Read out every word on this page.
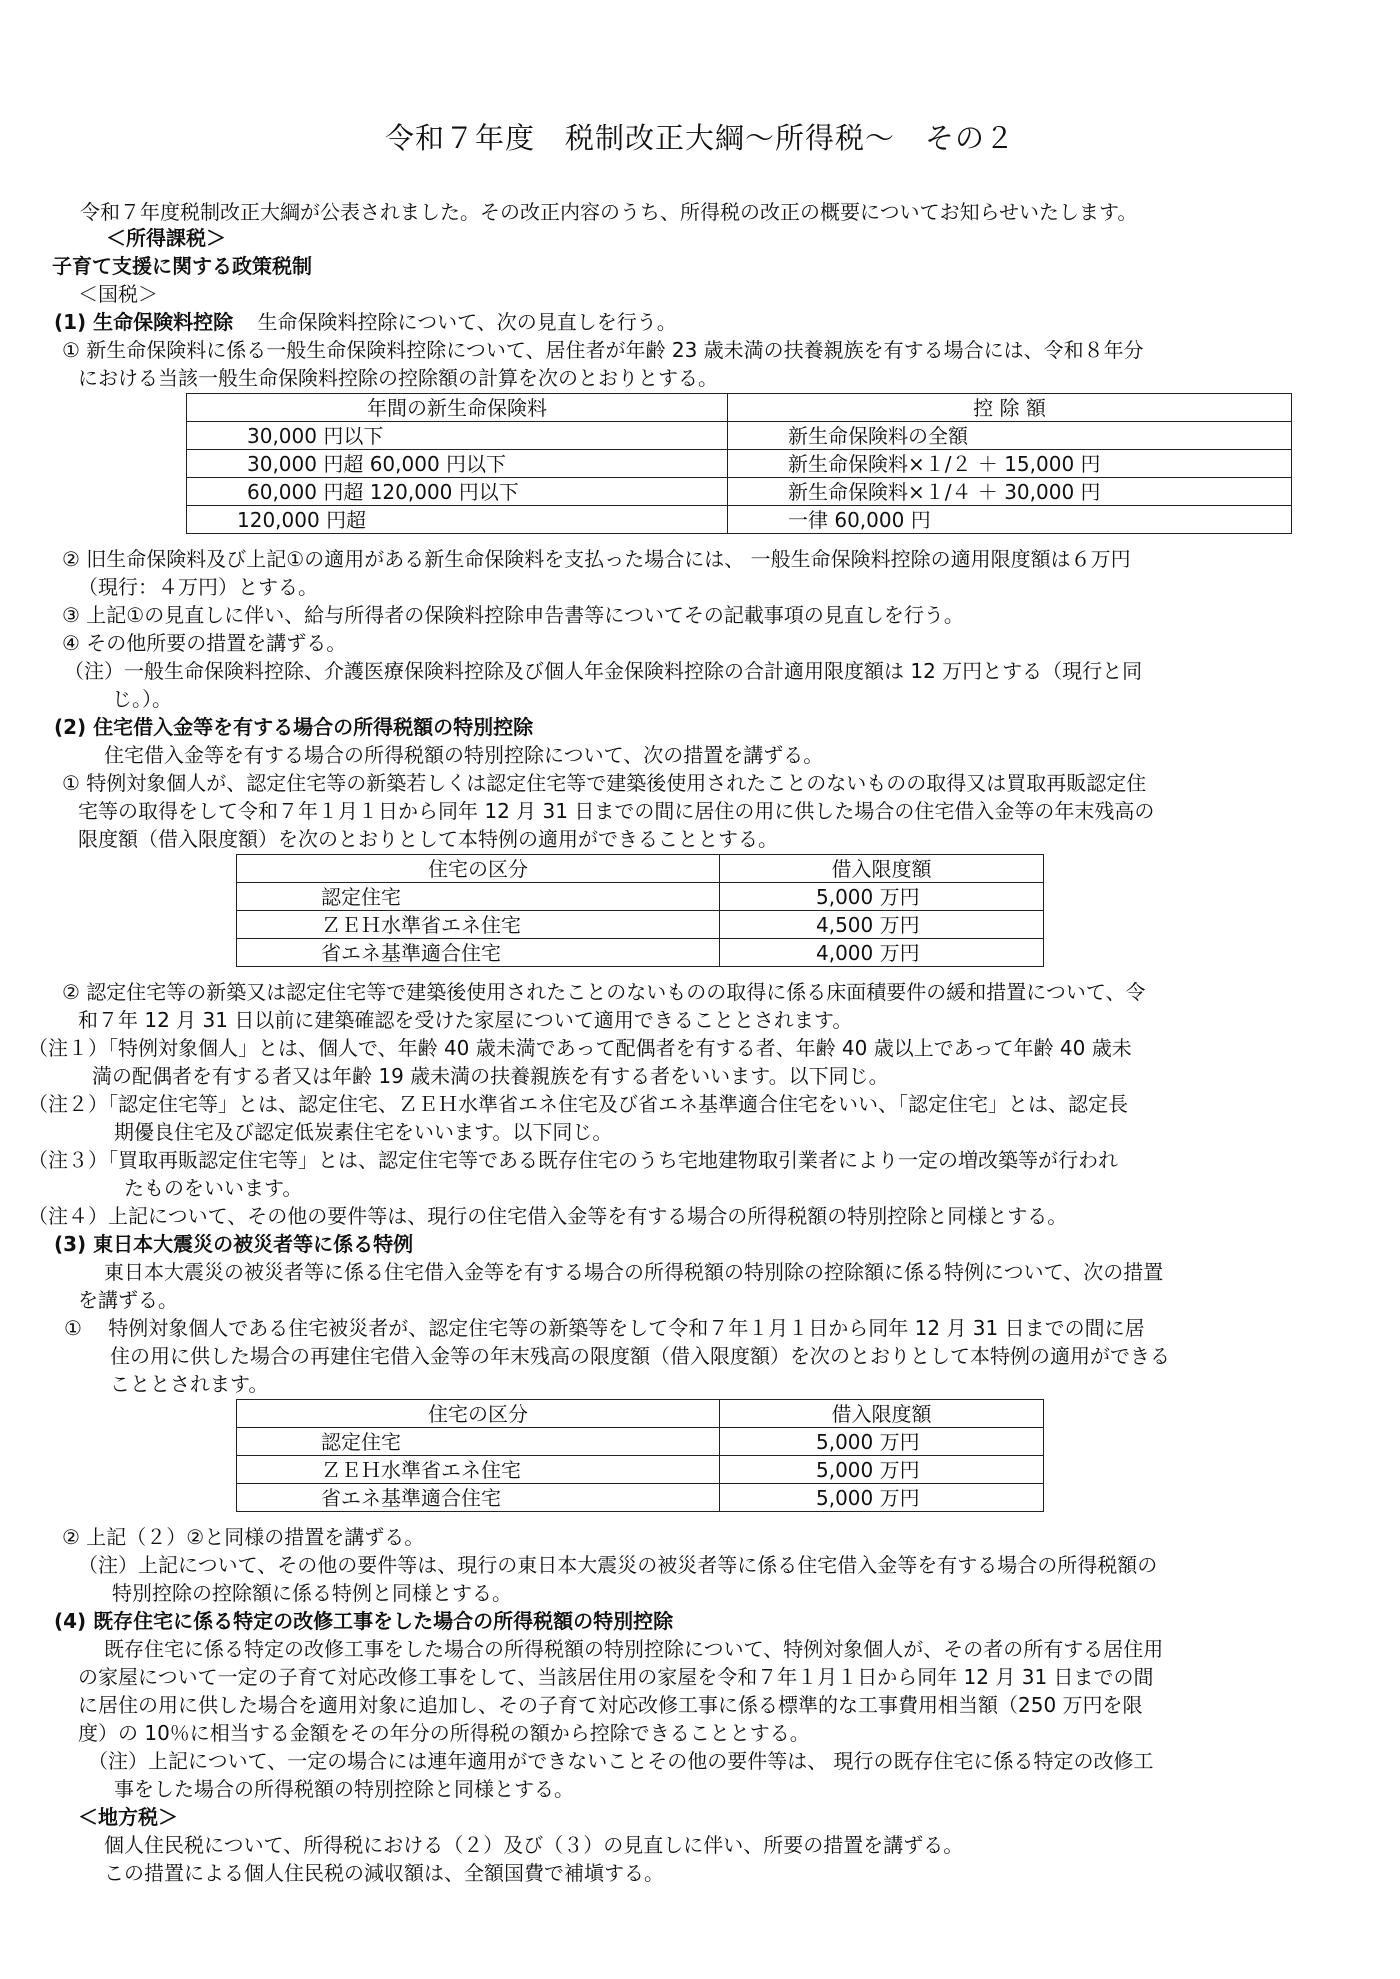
令和７年度　税制改正大綱～所得税～　その２
令和７年度税制改正大綱が公表されました。その改正内容のうち、所得税の改正の概要についてお知らせいたします。
＜所得課税＞
子育て支援に関する政策税制
＜国税＞
(1) 生命保険料控除 生命保険料控除について、次の見直しを行う。
① 新生命保険料に係る一般生命保険料控除について、居住者が年齢 23 歳未満の扶養親族を有する場合には、令和８年分
における当該一般生命保険料控除の控除額の計算を次のとおりとする。
年間の新生命保険料	控 除 額
30,000 円以下	新生命保険料の全額
30,000 円超 60,000 円以下	新生命保険料×１/２ ＋ 15,000 円
60,000 円超 120,000 円以下	新生命保険料×１/４ ＋ 30,000 円
120,000 円超	一律 60,000 円
② 旧生命保険料及び上記①の適用がある新生命保険料を支払った場合には、 一般生命保険料控除の適用限度額は６万円
（現行：４万円）とする。
③ 上記①の見直しに伴い、給与所得者の保険料控除申告書等についてその記載事項の見直しを行う。
④ その他所要の措置を講ずる。
（注）一般生命保険料控除、介護医療保険料控除及び個人年金保険料控除の合計適用限度額は 12 万円とする（現行と同
じ。）。
(2) 住宅借入金等を有する場合の所得税額の特別控除
住宅借入金等を有する場合の所得税額の特別控除について、次の措置を講ずる。
① 特例対象個人が、認定住宅等の新築若しくは認定住宅等で建築後使用されたことのないものの取得又は買取再販認定住
宅等の取得をして令和７年１月１日から同年 12 月 31 日までの間に居住の用に供した場合の住宅借入金等の年末残高の
限度額（借入限度額）を次のとおりとして本特例の適用ができることとする。
住宅の区分	借入限度額
認定住宅	5,000 万円
ＺＥＨ水準省エネ住宅	4,500 万円
省エネ基準適合住宅	4,000 万円
② 認定住宅等の新築又は認定住宅等で建築後使用されたことのないものの取得に係る床面積要件の緩和措置について、令
和７年 12 月 31 日以前に建築確認を受けた家屋について適用できることとされます。
（注１）「特例対象個人」とは、個人で、年齢 40 歳未満であって配偶者を有する者、年齢 40 歳以上であって年齢 40 歳未
満の配偶者を有する者又は年齢 19 歳未満の扶養親族を有する者をいいます。以下同じ。
（注２）「認定住宅等」とは、認定住宅、ＺＥＨ水準省エネ住宅及び省エネ基準適合住宅をいい、「認定住宅」とは、認定長
期優良住宅及び認定低炭素住宅をいいます。以下同じ。
（注３）「買取再販認定住宅等」とは、認定住宅等である既存住宅のうち宅地建物取引業者により一定の増改築等が行われ
たものをいいます。
（注４）上記について、その他の要件等は、現行の住宅借入金等を有する場合の所得税額の特別控除と同様とする。
(3) 東日本大震災の被災者等に係る特例
東日本大震災の被災者等に係る住宅借入金等を有する場合の所得税額の特別除の控除額に係る特例について、次の措置
を講ずる。
①　 特例対象個人である住宅被災者が、認定住宅等の新築等をして令和７年１月１日から同年 12 月 31 日までの間に居
住の用に供した場合の再建住宅借入金等の年末残高の限度額（借入限度額）を次のとおりとして本特例の適用ができる
こととされます。
住宅の区分	借入限度額
認定住宅	5,000 万円
ＺＥＨ水準省エネ住宅	5,000 万円
省エネ基準適合住宅	5,000 万円
② 上記（２）②と同様の措置を講ずる。
（注）上記について、その他の要件等は、現行の東日本大震災の被災者等に係る住宅借入金等を有する場合の所得税額の
特別控除の控除額に係る特例と同様とする。
(4) 既存住宅に係る特定の改修工事をした場合の所得税額の特別控除
既存住宅に係る特定の改修工事をした場合の所得税額の特別控除について、特例対象個人が、その者の所有する居住用
の家屋について一定の子育て対応改修工事をして、当該居住用の家屋を令和７年１月１日から同年 12 月 31 日までの間
に居住の用に供した場合を適用対象に追加し、その子育て対応改修工事に係る標準的な工事費用相当額（250 万円を限
度）の 10％に相当する金額をその年分の所得税の額から控除できることとする。
（注）上記について、一定の場合には連年適用ができないことその他の要件等は、 現行の既存住宅に係る特定の改修工
事をした場合の所得税額の特別控除と同様とする。
＜地方税＞
個人住民税について、所得税における（２）及び（３）の見直しに伴い、所要の措置を講ずる。
この措置による個人住民税の減収額は、全額国費で補塡する。
